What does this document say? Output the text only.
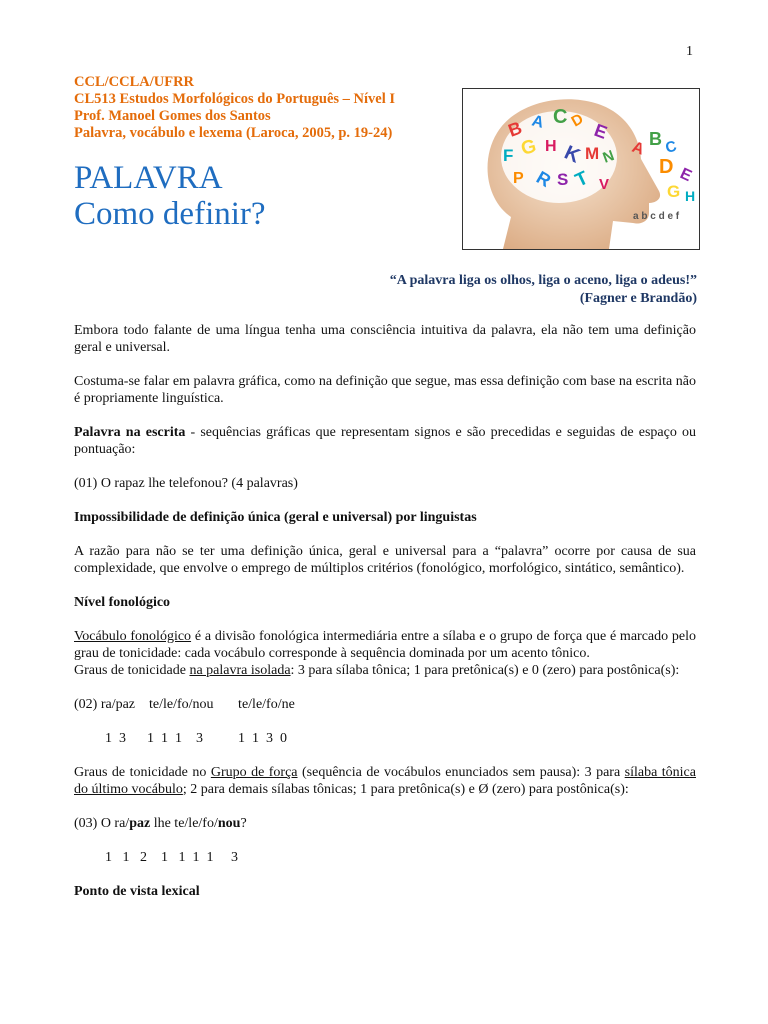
1
CCL/CCLA/UFRR
CL513 Estudos Morfológicos do Português – Nível I
Prof. Manoel Gomes dos Santos
Palavra, vocábulo e lexema (Laroca, 2005, p. 19-24)
PALAVRA
Como definir?
B A C D E
F G H K M N
P R S T V
A B C
D E
G H
a b c d e f
“A palavra liga os olhos, liga o aceno, liga o adeus!”
(Fagner e Brandão)

Embora todo falante de uma língua tenha uma consciência intuitiva da palavra, ela não tem uma definição geral e universal.

Costuma-se falar em palavra gráfica, como na definição que segue, mas essa definição com base na escrita não é propriamente linguística.

Palavra na escrita - sequências gráficas que representam signos e são precedidas e seguidas de espaço ou pontuação:

(01) O rapaz lhe telefonou? (4 palavras)

Impossibilidade de definição única (geral e universal) por linguistas

A razão para não se ter uma definição única, geral e universal para a “palavra” ocorre por causa de sua complexidade, que envolve o emprego de múltiplos critérios (fonológico, morfológico, sintático, semântico).

Nível fonológico

Vocábulo fonológico é a divisão fonológica intermediária entre a sílaba e o grupo de força que é marcado pelo grau de tonicidade: cada vocábulo corresponde à sequência dominada por um acento tônico.

Graus de tonicidade na palavra isolada: 3 para sílaba tônica; 1 para pretônica(s) e 0 (zero) para postônica(s):

(02) ra/paz    te/le/fo/nou       te/le/fo/ne

1  3      1  1  1    3          1  1  3  0

Graus de tonicidade no Grupo de força (sequência de vocábulos enunciados sem pausa): 3 para sílaba tônica do último vocábulo; 2 para demais sílabas tônicas; 1 para pretônica(s) e Ø (zero) para postônica(s):

(03) O ra/paz lhe te/le/fo/nou?

1   1   2    1   1  1  1     3

Ponto de vista lexical
